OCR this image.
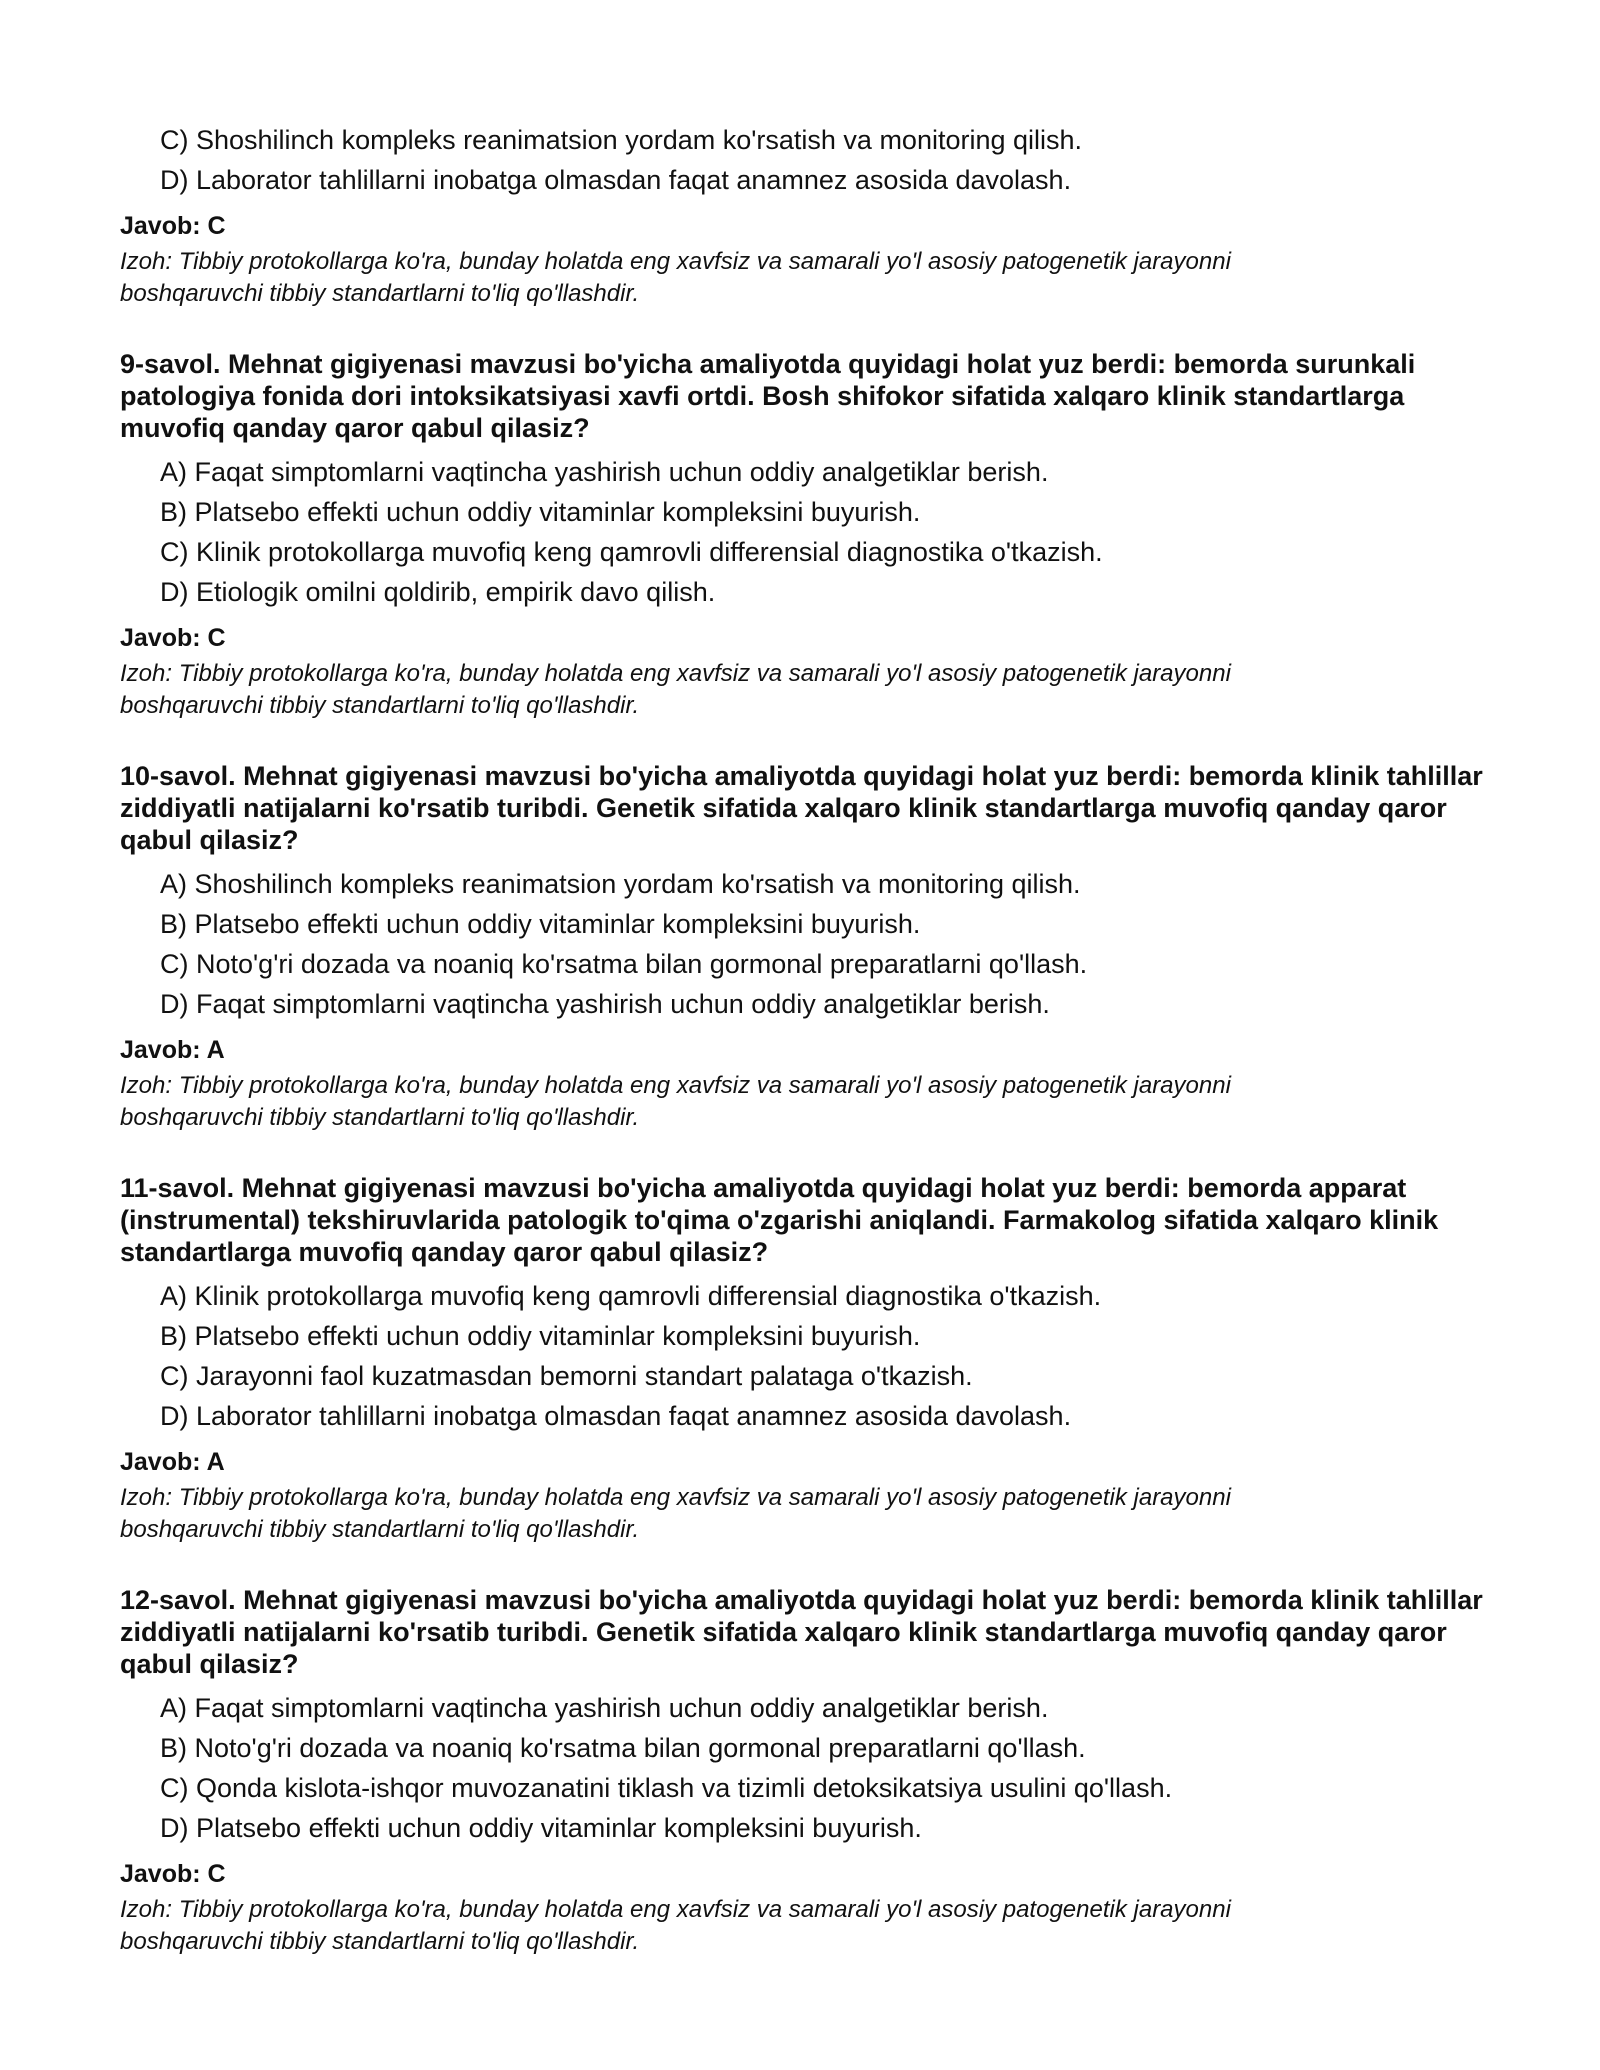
C) Shoshilinch kompleks reanimatsion yordam ko'rsatish va monitoring qilish.
D) Laborator tahlillarni inobatga olmasdan faqat anamnez asosida davolash.
Javob: C
Izoh: Tibbiy protokollarga ko'ra, bunday holatda eng xavfsiz va samarali yo'l asosiy patogenetik jarayonni boshqaruvchi tibbiy standartlarni to'liq qo'llashdir.

9-savol. Mehnat gigiyenasi mavzusi bo'yicha amaliyotda quyidagi holat yuz berdi: bemorda surunkali patologiya fonida dori intoksikatsiyasi xavfi ortdi. Bosh shifokor sifatida xalqaro klinik standartlarga muvofiq qanday qaror qabul qilasiz?

A) Faqat simptomlarni vaqtincha yashirish uchun oddiy analgetiklar berish.
B) Platsebo effekti uchun oddiy vitaminlar kompleksini buyurish.
C) Klinik protokollarga muvofiq keng qamrovli differensial diagnostika o'tkazish.
D) Etiologik omilni qoldirib, empirik davo qilish.
Javob: C
Izoh: Tibbiy protokollarga ko'ra, bunday holatda eng xavfsiz va samarali yo'l asosiy patogenetik jarayonni boshqaruvchi tibbiy standartlarni to'liq qo'llashdir.

10-savol. Mehnat gigiyenasi mavzusi bo'yicha amaliyotda quyidagi holat yuz berdi: bemorda klinik tahlillar ziddiyatli natijalarni ko'rsatib turibdi. Genetik sifatida xalqaro klinik standartlarga muvofiq qanday qaror qabul qilasiz?

A) Shoshilinch kompleks reanimatsion yordam ko'rsatish va monitoring qilish.
B) Platsebo effekti uchun oddiy vitaminlar kompleksini buyurish.
C) Noto'g'ri dozada va noaniq ko'rsatma bilan gormonal preparatlarni qo'llash.
D) Faqat simptomlarni vaqtincha yashirish uchun oddiy analgetiklar berish.
Javob: A
Izoh: Tibbiy protokollarga ko'ra, bunday holatda eng xavfsiz va samarali yo'l asosiy patogenetik jarayonni boshqaruvchi tibbiy standartlarni to'liq qo'llashdir.

11-savol. Mehnat gigiyenasi mavzusi bo'yicha amaliyotda quyidagi holat yuz berdi: bemorda apparat (instrumental) tekshiruvlarida patologik to'qima o'zgarishi aniqlandi. Farmakolog sifatida xalqaro klinik standartlarga muvofiq qanday qaror qabul qilasiz?

A) Klinik protokollarga muvofiq keng qamrovli differensial diagnostika o'tkazish.
B) Platsebo effekti uchun oddiy vitaminlar kompleksini buyurish.
C) Jarayonni faol kuzatmasdan bemorni standart palataga o'tkazish.
D) Laborator tahlillarni inobatga olmasdan faqat anamnez asosida davolash.
Javob: A
Izoh: Tibbiy protokollarga ko'ra, bunday holatda eng xavfsiz va samarali yo'l asosiy patogenetik jarayonni boshqaruvchi tibbiy standartlarni to'liq qo'llashdir.

12-savol. Mehnat gigiyenasi mavzusi bo'yicha amaliyotda quyidagi holat yuz berdi: bemorda klinik tahlillar ziddiyatli natijalarni ko'rsatib turibdi. Genetik sifatida xalqaro klinik standartlarga muvofiq qanday qaror qabul qilasiz?

A) Faqat simptomlarni vaqtincha yashirish uchun oddiy analgetiklar berish.
B) Noto'g'ri dozada va noaniq ko'rsatma bilan gormonal preparatlarni qo'llash.
C) Qonda kislota-ishqor muvozanatini tiklash va tizimli detoksikatsiya usulini qo'llash.
D) Platsebo effekti uchun oddiy vitaminlar kompleksini buyurish.
Javob: C
Izoh: Tibbiy protokollarga ko'ra, bunday holatda eng xavfsiz va samarali yo'l asosiy patogenetik jarayonni boshqaruvchi tibbiy standartlarni to'liq qo'llashdir.
